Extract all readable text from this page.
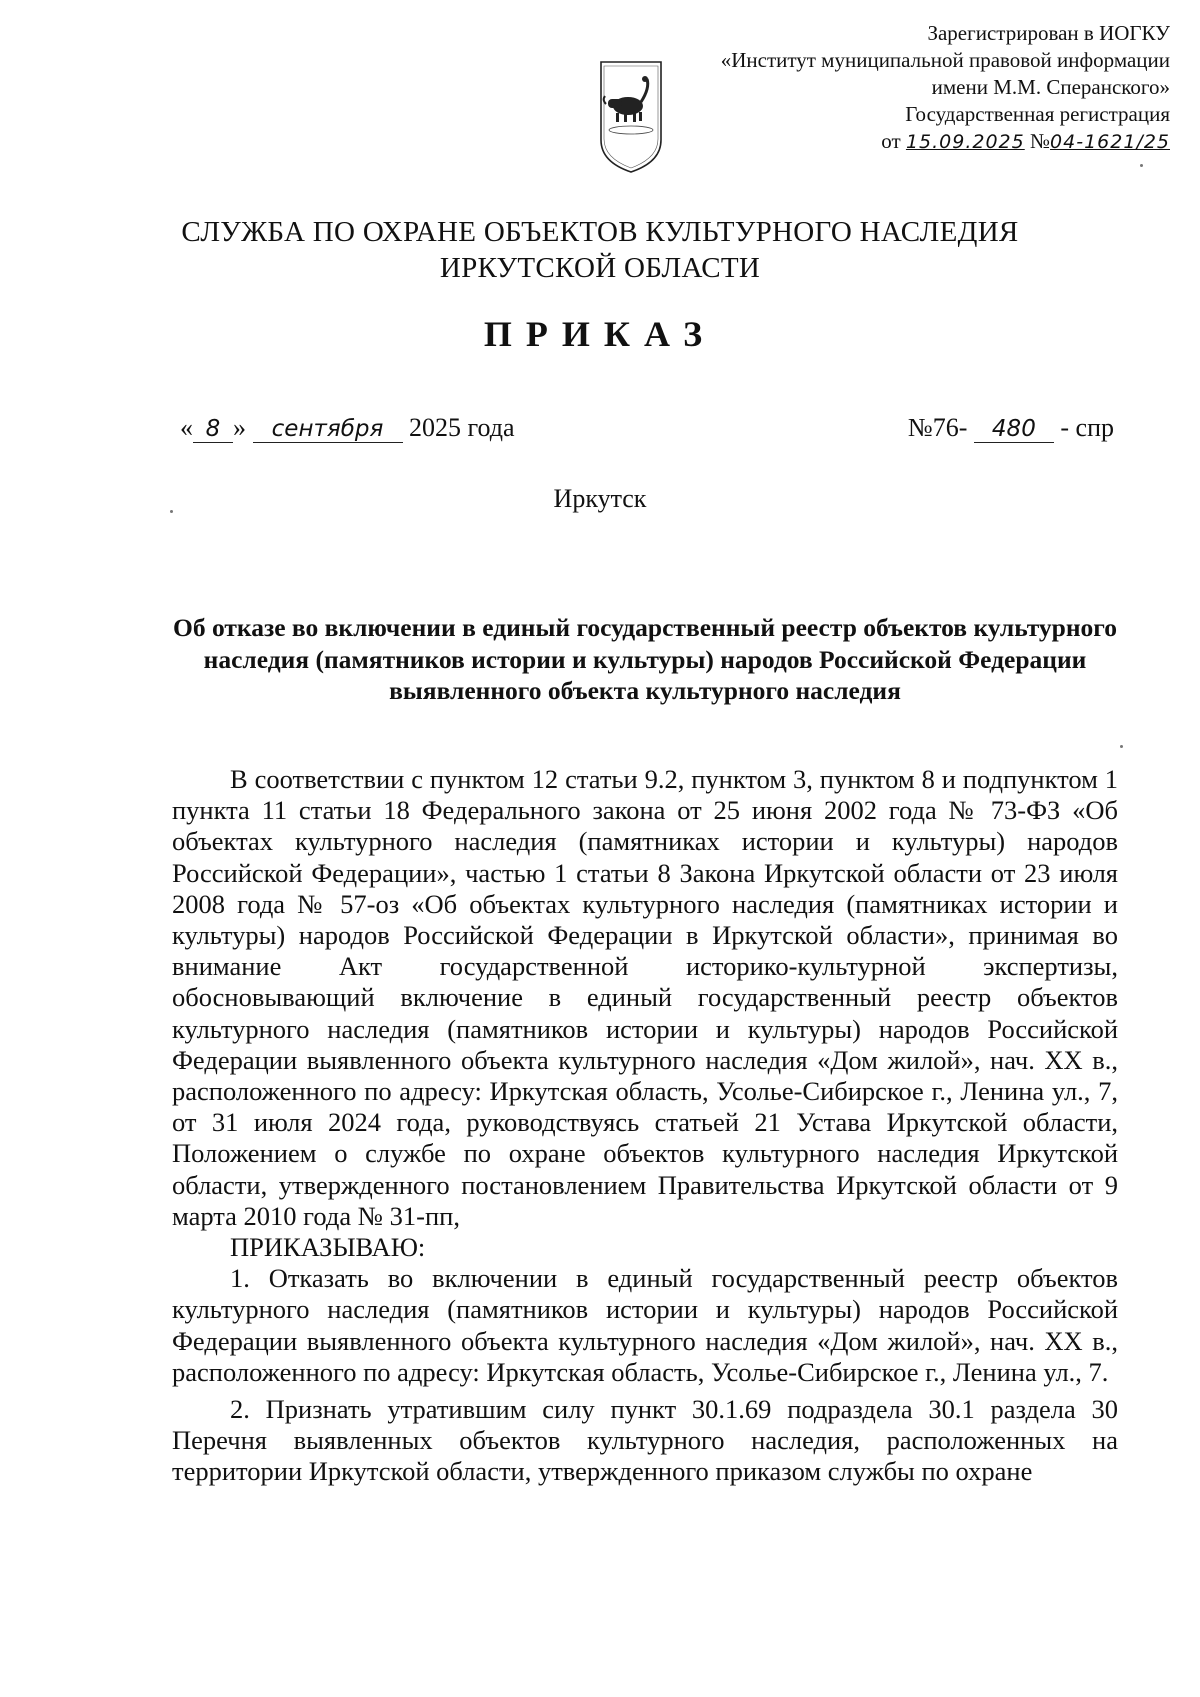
Зарегистрирован в ИОГКУ
«Институт муниципальной правовой информации
имени М.М. Сперанского»
Государственная регистрация
от 15.09.2025 №04-1621/25
СЛУЖБА ПО ОХРАНЕ ОБЪЕКТОВ КУЛЬТУРНОГО НАСЛЕДИЯ
ИРКУТСКОЙ ОБЛАСТИ
ПРИКАЗ
« 8 » сентября 2025 года	№76- 480 - спр
Иркутск
Об отказе во включении в единый государственный реестр объектов культурного наследия (памятников истории и культуры) народов Российской Федерации выявленного объекта культурного наследия

В соответствии с пунктом 12 статьи 9.2, пунктом 3, пунктом 8 и подпунктом 1 пункта 11 статьи 18 Федерального закона от 25 июня 2002 года № 73-ФЗ «Об объектах культурного наследия (памятниках истории и культуры) народов Российской Федерации», частью 1 статьи 8 Закона Иркутской области от 23 июля 2008 года № 57-оз «Об объектах культурного наследия (памятниках истории и культуры) народов Российской Федерации в Иркутской области», принимая во внимание Акт государственной историко-культурной экспертизы, обосновывающий включение в единый государственный реестр объектов культурного наследия (памятников истории и культуры) народов Российской Федерации выявленного объекта культурного наследия «Дом жилой», нач. XX в., расположенного по адресу: Иркутская область, Усолье-Сибирское г., Ленина ул., 7, от 31 июля 2024 года, руководствуясь статьей 21 Устава Иркутской области, Положением о службе по охране объектов культурного наследия Иркутской области, утвержденного постановлением Правительства Иркутской области от 9 марта 2010 года № 31-пп,

ПРИКАЗЫВАЮ:

1. Отказать во включении в единый государственный реестр объектов культурного наследия (памятников истории и культуры) народов Российской Федерации выявленного объекта культурного наследия «Дом жилой», нач. XX в., расположенного по адресу: Иркутская область, Усолье-Сибирское г., Ленина ул., 7.

2. Признать утратившим силу пункт 30.1.69 подраздела 30.1 раздела 30 Перечня выявленных объектов культурного наследия, расположенных на территории Иркутской области, утвержденного приказом службы по охране
